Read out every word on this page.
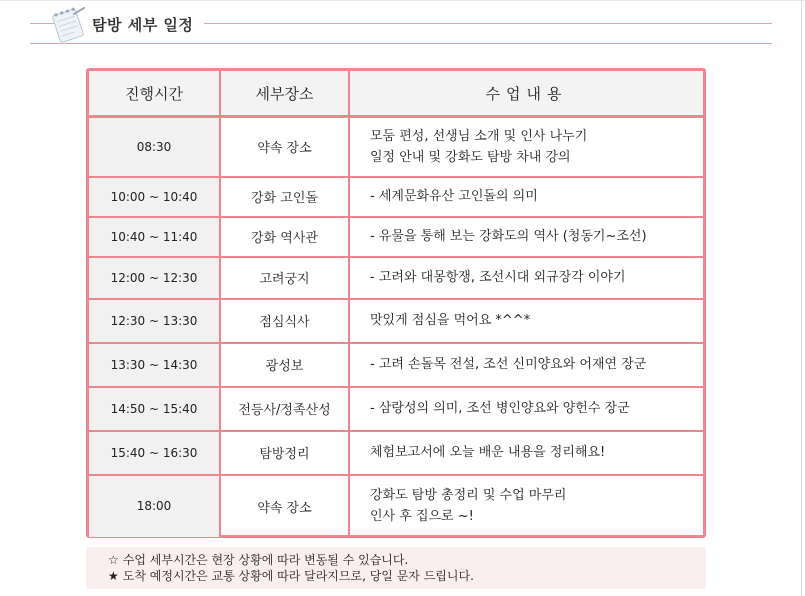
탐방 세부 일정
진행시간	세부장소	수업내용
08:30	약속 장소	모둠 편성, 선생님 소개 및 인사 나누기
일정 안내 및 강화도 탐방 차내 강의

10:00 ~ 10:40	강화 고인돌	- 세계문화유산 고인돌의 의미

10:40 ~ 11:40	강화 역사관	- 유물을 통해 보는 강화도의 역사 (청동기~조선)

12:00 ~ 12:30	고려궁지	- 고려와 대몽항쟁, 조선시대 외규장각 이야기

12:30 ~ 13:30	점심식사	맛있게 점심을 먹어요 *^^*

13:30 ~ 14:30	광성보	- 고려 손돌목 전설, 조선 신미양요와 어재연 장군

14:50 ~ 15:40	전등사/정족산성	- 삼랑성의 의미, 조선 병인양요와 양헌수 장군

15:40 ~ 16:30	탐방정리	체험보고서에 오늘 배운 내용을 정리해요!

18:00	약속 장소	강화도 탐방 총정리 및 수업 마무리
인사 후 집으로 ~!
☆ 수업 세부시간은 현장 상황에 따라 변동될 수 있습니다.
★ 도착 예정시간은 교통 상황에 따라 달라지므로, 당일 문자 드립니다.
